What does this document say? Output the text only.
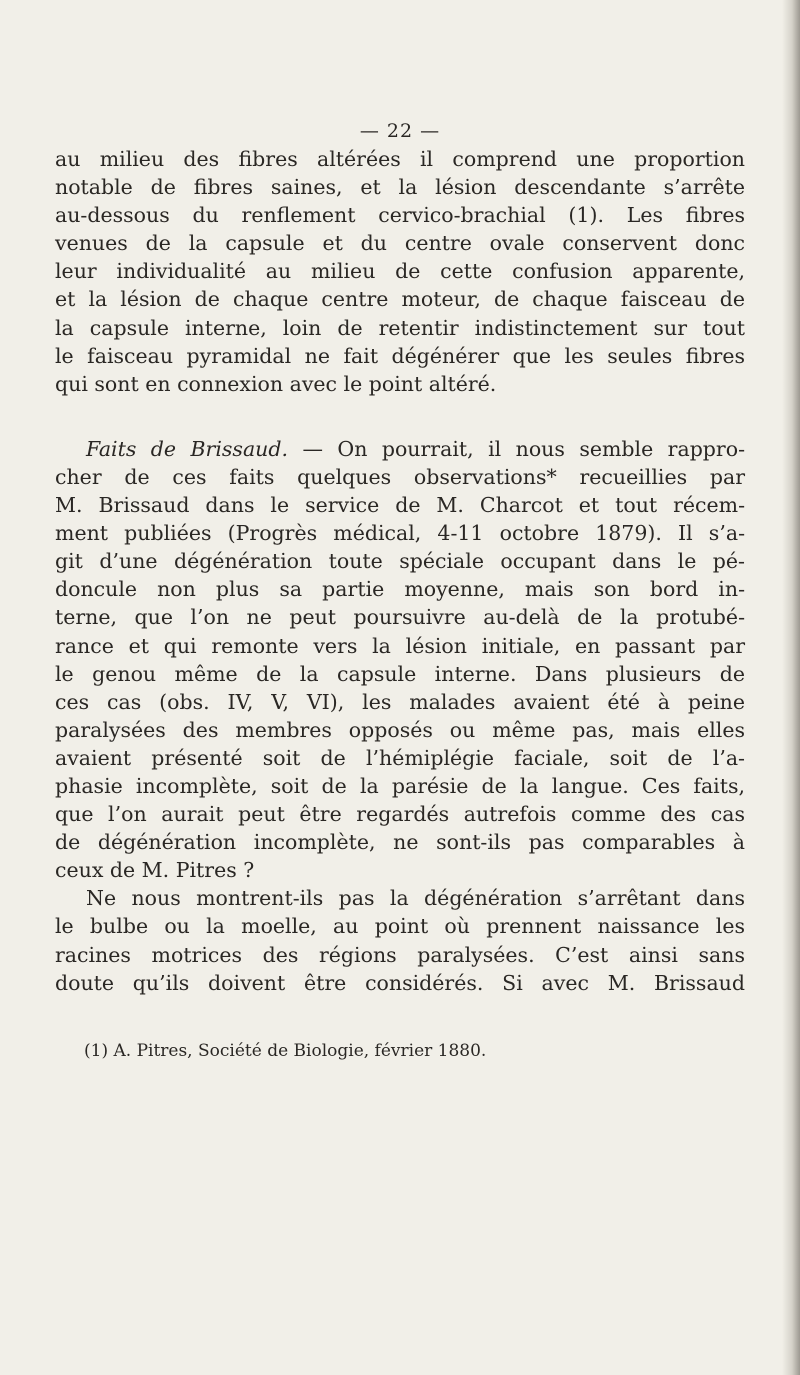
— 22 —
au milieu des fibres altérées il comprend une proportion
notable de fibres saines, et la lésion descendante s’arrête
au-dessous du renflement cervico-brachial (1). Les fibres
venues de la capsule et du centre ovale conservent donc
leur individualité au milieu de cette confusion apparente,
et la lésion de chaque centre moteur, de chaque faisceau de
la capsule interne, loin de retentir indistinctement sur tout
le faisceau pyramidal ne fait dégénérer que les seules fibres
qui sont en connexion avec le point altéré.
Faits de Brissaud. — On pourrait, il nous semble rappro-
cher de ces faits quelques observations* recueillies par
M. Brissaud dans le service de M. Charcot et tout récem-
ment publiées (Progrès médical, 4-11 octobre 1879). Il s’a-
git d’une dégénération toute spéciale occupant dans le pé-
doncule non plus sa partie moyenne, mais son bord in-
terne, que l’on ne peut poursuivre au-delà de la protubé-
rance et qui remonte vers la lésion initiale, en passant par
le genou même de la capsule interne. Dans plusieurs de
ces cas (obs. IV, V, VI), les malades avaient été à peine
paralysées des membres opposés ou même pas, mais elles
avaient présenté soit de l’hémiplégie faciale, soit de l’a-
phasie incomplète, soit de la parésie de la langue. Ces faits,
que l’on aurait peut être regardés autrefois comme des cas
de dégénération incomplète, ne sont-ils pas comparables à
ceux de M. Pitres ?
Ne nous montrent-ils pas la dégénération s’arrêtant dans
le bulbe ou la moelle, au point où prennent naissance les
racines motrices des régions paralysées. C’est ainsi sans
doute qu’ils doivent être considérés. Si avec M. Brissaud
(1) A. Pitres, Société de Biologie, février 1880.
